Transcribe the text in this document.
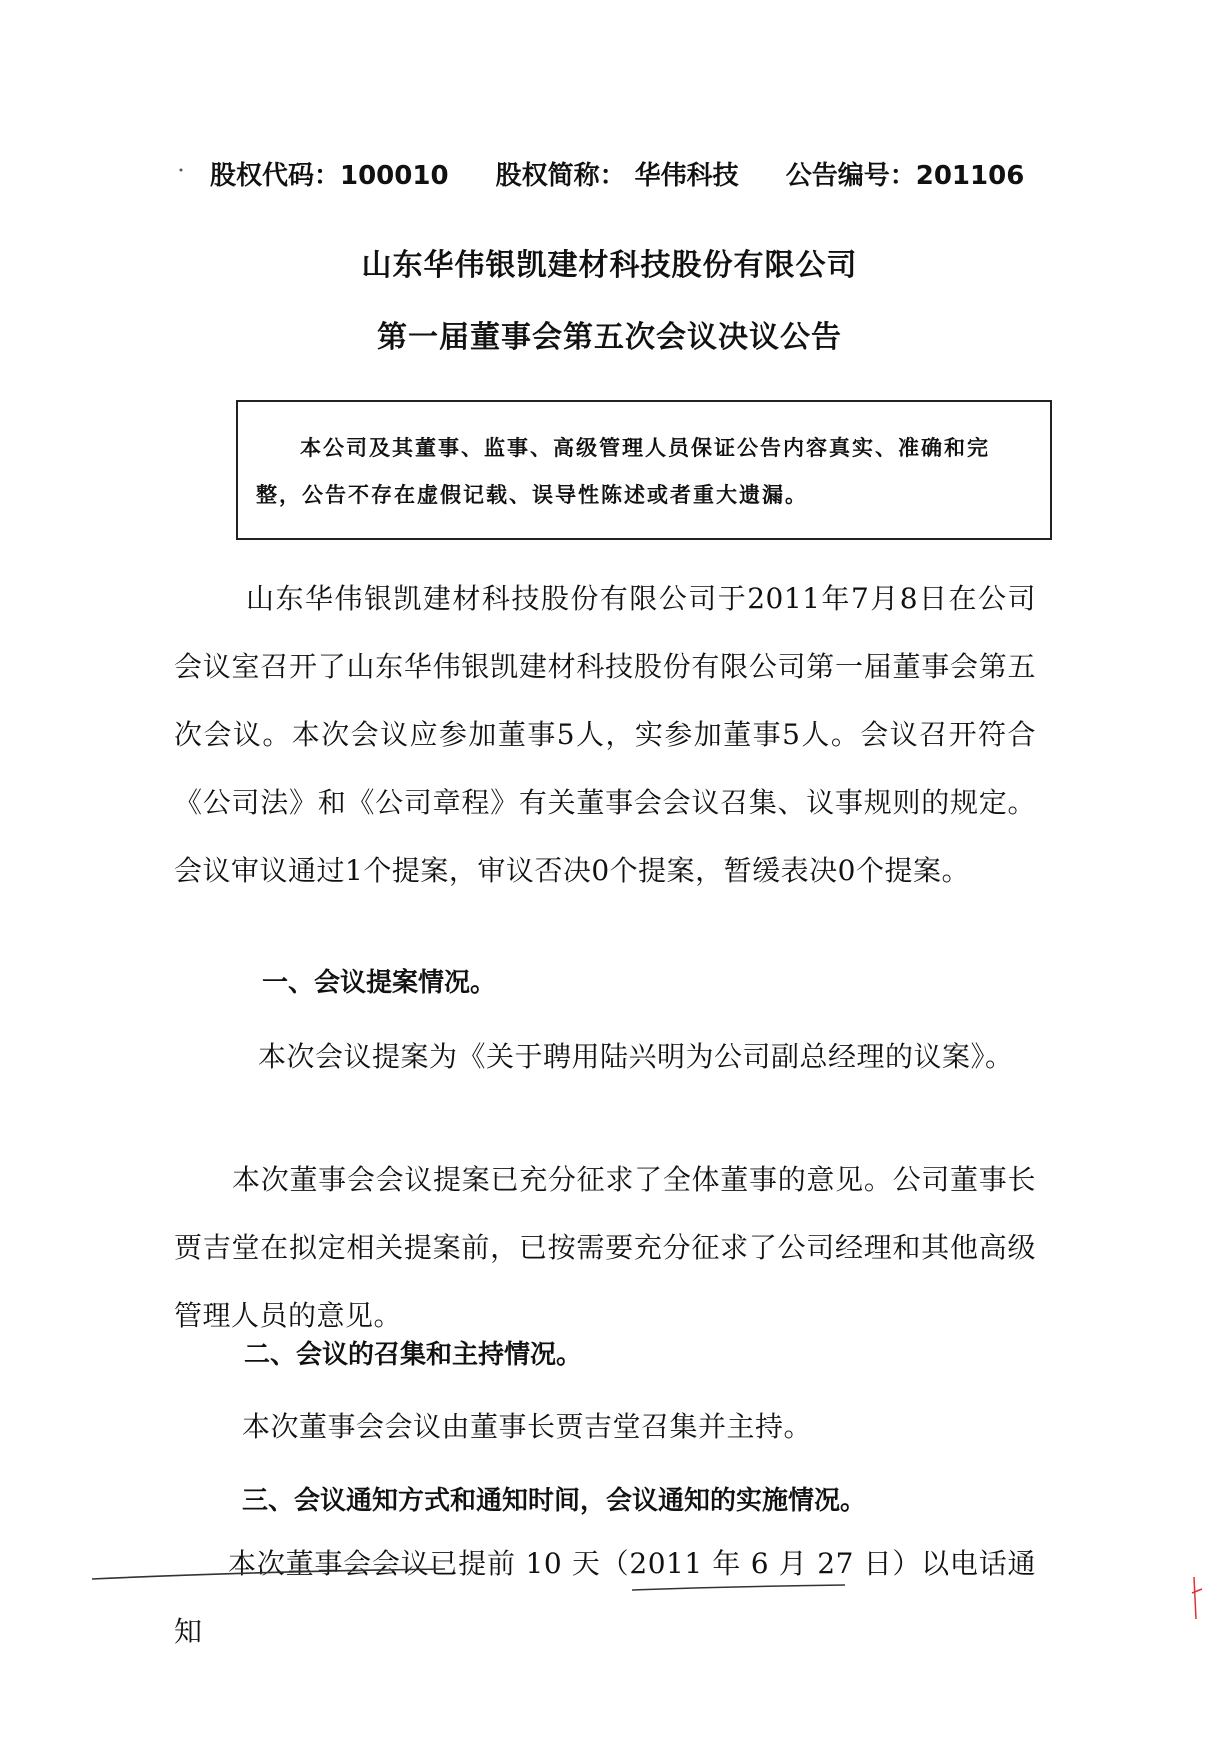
股权代码：100010 股权简称： 华伟科技 公告编号：201106
山东华伟银凯建材科技股份有限公司
第一届董事会第五次会议决议公告
本公司及其董事、监事、高级管理人员保证公告内容真实、准确和完整，公告不存在虚假记载、误导性陈述或者重大遗漏。
山东华伟银凯建材科技股份有限公司于2011年7月8日在公司会议室召开了山东华伟银凯建材科技股份有限公司第一届董事会第五次会议。本次会议应参加董事5人，实参加董事5人。会议召开符合《公司法》和《公司章程》有关董事会会议召集、议事规则的规定。会议审议通过1个提案，审议否决0个提案，暂缓表决0个提案。
一、会议提案情况。
本次会议提案为《关于聘用陆兴明为公司副总经理的议案》。
本次董事会会议提案已充分征求了全体董事的意见。公司董事长贾吉堂在拟定相关提案前，已按需要充分征求了公司经理和其他高级管理人员的意见。
二、会议的召集和主持情况。
本次董事会会议由董事长贾吉堂召集并主持。
三、会议通知方式和通知时间，会议通知的实施情况。
本次董事会会议已提前 10 天（2011 年 6 月 27 日）以电话通知
